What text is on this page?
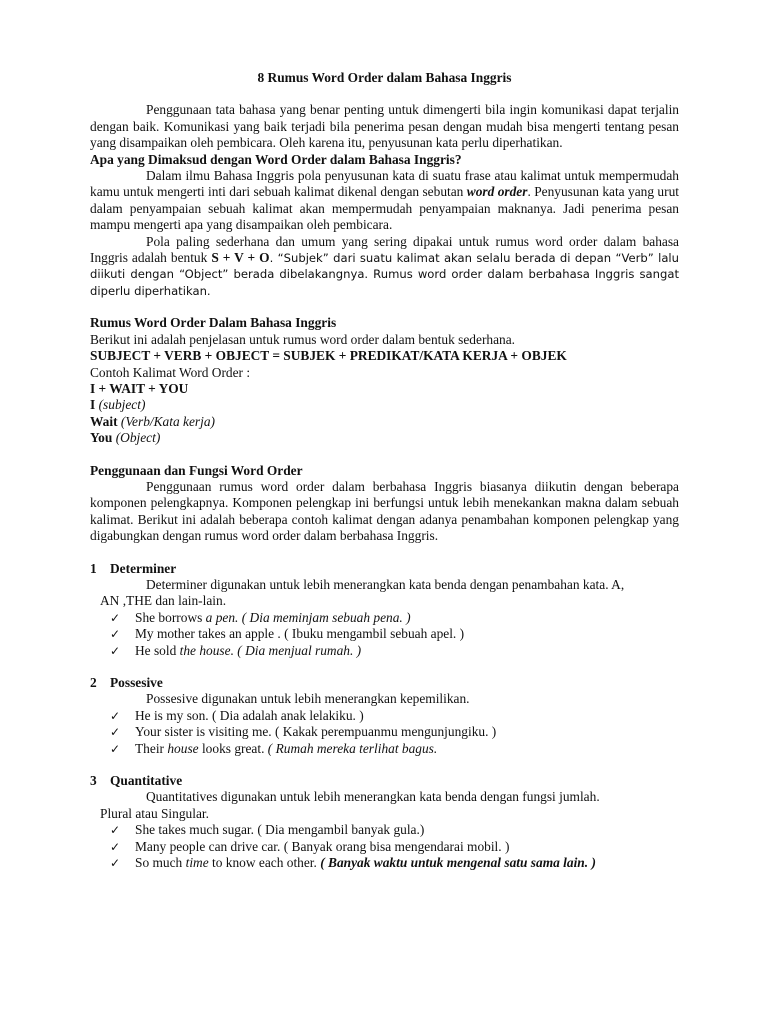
8 Rumus Word Order dalam Bahasa Inggris

Penggunaan tata bahasa yang benar penting untuk dimengerti bila ingin komunikasi dapat terjalin dengan baik. Komunikasi yang baik terjadi bila penerima pesan dengan mudah bisa mengerti tentang pesan yang disampaikan oleh pembicara. Oleh karena itu, penyusunan kata perlu diperhatikan.

Apa yang Dimaksud dengan Word Order dalam Bahasa Inggris?

Dalam ilmu Bahasa Inggris pola penyusunan kata di suatu frase atau kalimat untuk mempermudah kamu untuk mengerti inti dari sebuah kalimat dikenal dengan sebutan word order. Penyusunan kata yang urut dalam penyampaian sebuah kalimat akan mempermudah penyampaian maknanya. Jadi penerima pesan mampu mengerti apa yang disampaikan oleh pembicara.

Pola paling sederhana dan umum yang sering dipakai untuk rumus word order dalam bahasa Inggris adalah bentuk S + V + O. “Subjek” dari suatu kalimat akan selalu berada di depan “Verb” lalu diikuti dengan “Object” berada dibelakangnya. Rumus word order dalam berbahasa Inggris sangat diperlu diperhatikan.

Rumus Word Order Dalam Bahasa Inggris

Berikut ini adalah penjelasan untuk rumus word order dalam bentuk sederhana.

SUBJECT + VERB + OBJECT = SUBJEK + PREDIKAT/KATA KERJA + OBJEK

Contoh Kalimat Word Order :

I + WAIT + YOU

I (subject)

Wait (Verb/Kata kerja)

You (Object)

Penggunaan dan Fungsi Word Order

Penggunaan rumus word order dalam berbahasa Inggris biasanya diikutin dengan beberapa komponen pelengkapnya. Komponen pelengkap ini berfungsi untuk lebih menekankan makna dalam sebuah kalimat. Berikut ini adalah beberapa contoh kalimat dengan adanya penambahan komponen pelengkap yang digabungkan dengan rumus word order dalam berbahasa Inggris.

1 Determiner

Determiner digunakan untuk lebih menerangkan kata benda dengan penambahan kata. A,

AN ,THE dan lain-lain.

✓ She borrows a pen. ( Dia meminjam sebuah pena. )
✓ My mother takes an apple . ( Ibuku mengambil sebuah apel. )
✓ He sold the house. ( Dia menjual rumah. )
2 Possesive

Possesive digunakan untuk lebih menerangkan kepemilikan.

✓ He is my son. ( Dia adalah anak lelakiku. )
✓ Your sister is visiting me. ( Kakak perempuanmu mengunjungiku. )
✓ Their house looks great. ( Rumah mereka terlihat bagus.
3 Quantitative

Quantitatives digunakan untuk lebih menerangkan kata benda dengan fungsi jumlah.

Plural atau Singular.

✓ She takes much sugar. ( Dia mengambil banyak gula.)
✓ Many people can drive car. ( Banyak orang bisa mengendarai mobil. )
✓ So much time to know each other. ( Banyak waktu untuk mengenal satu sama lain. )
